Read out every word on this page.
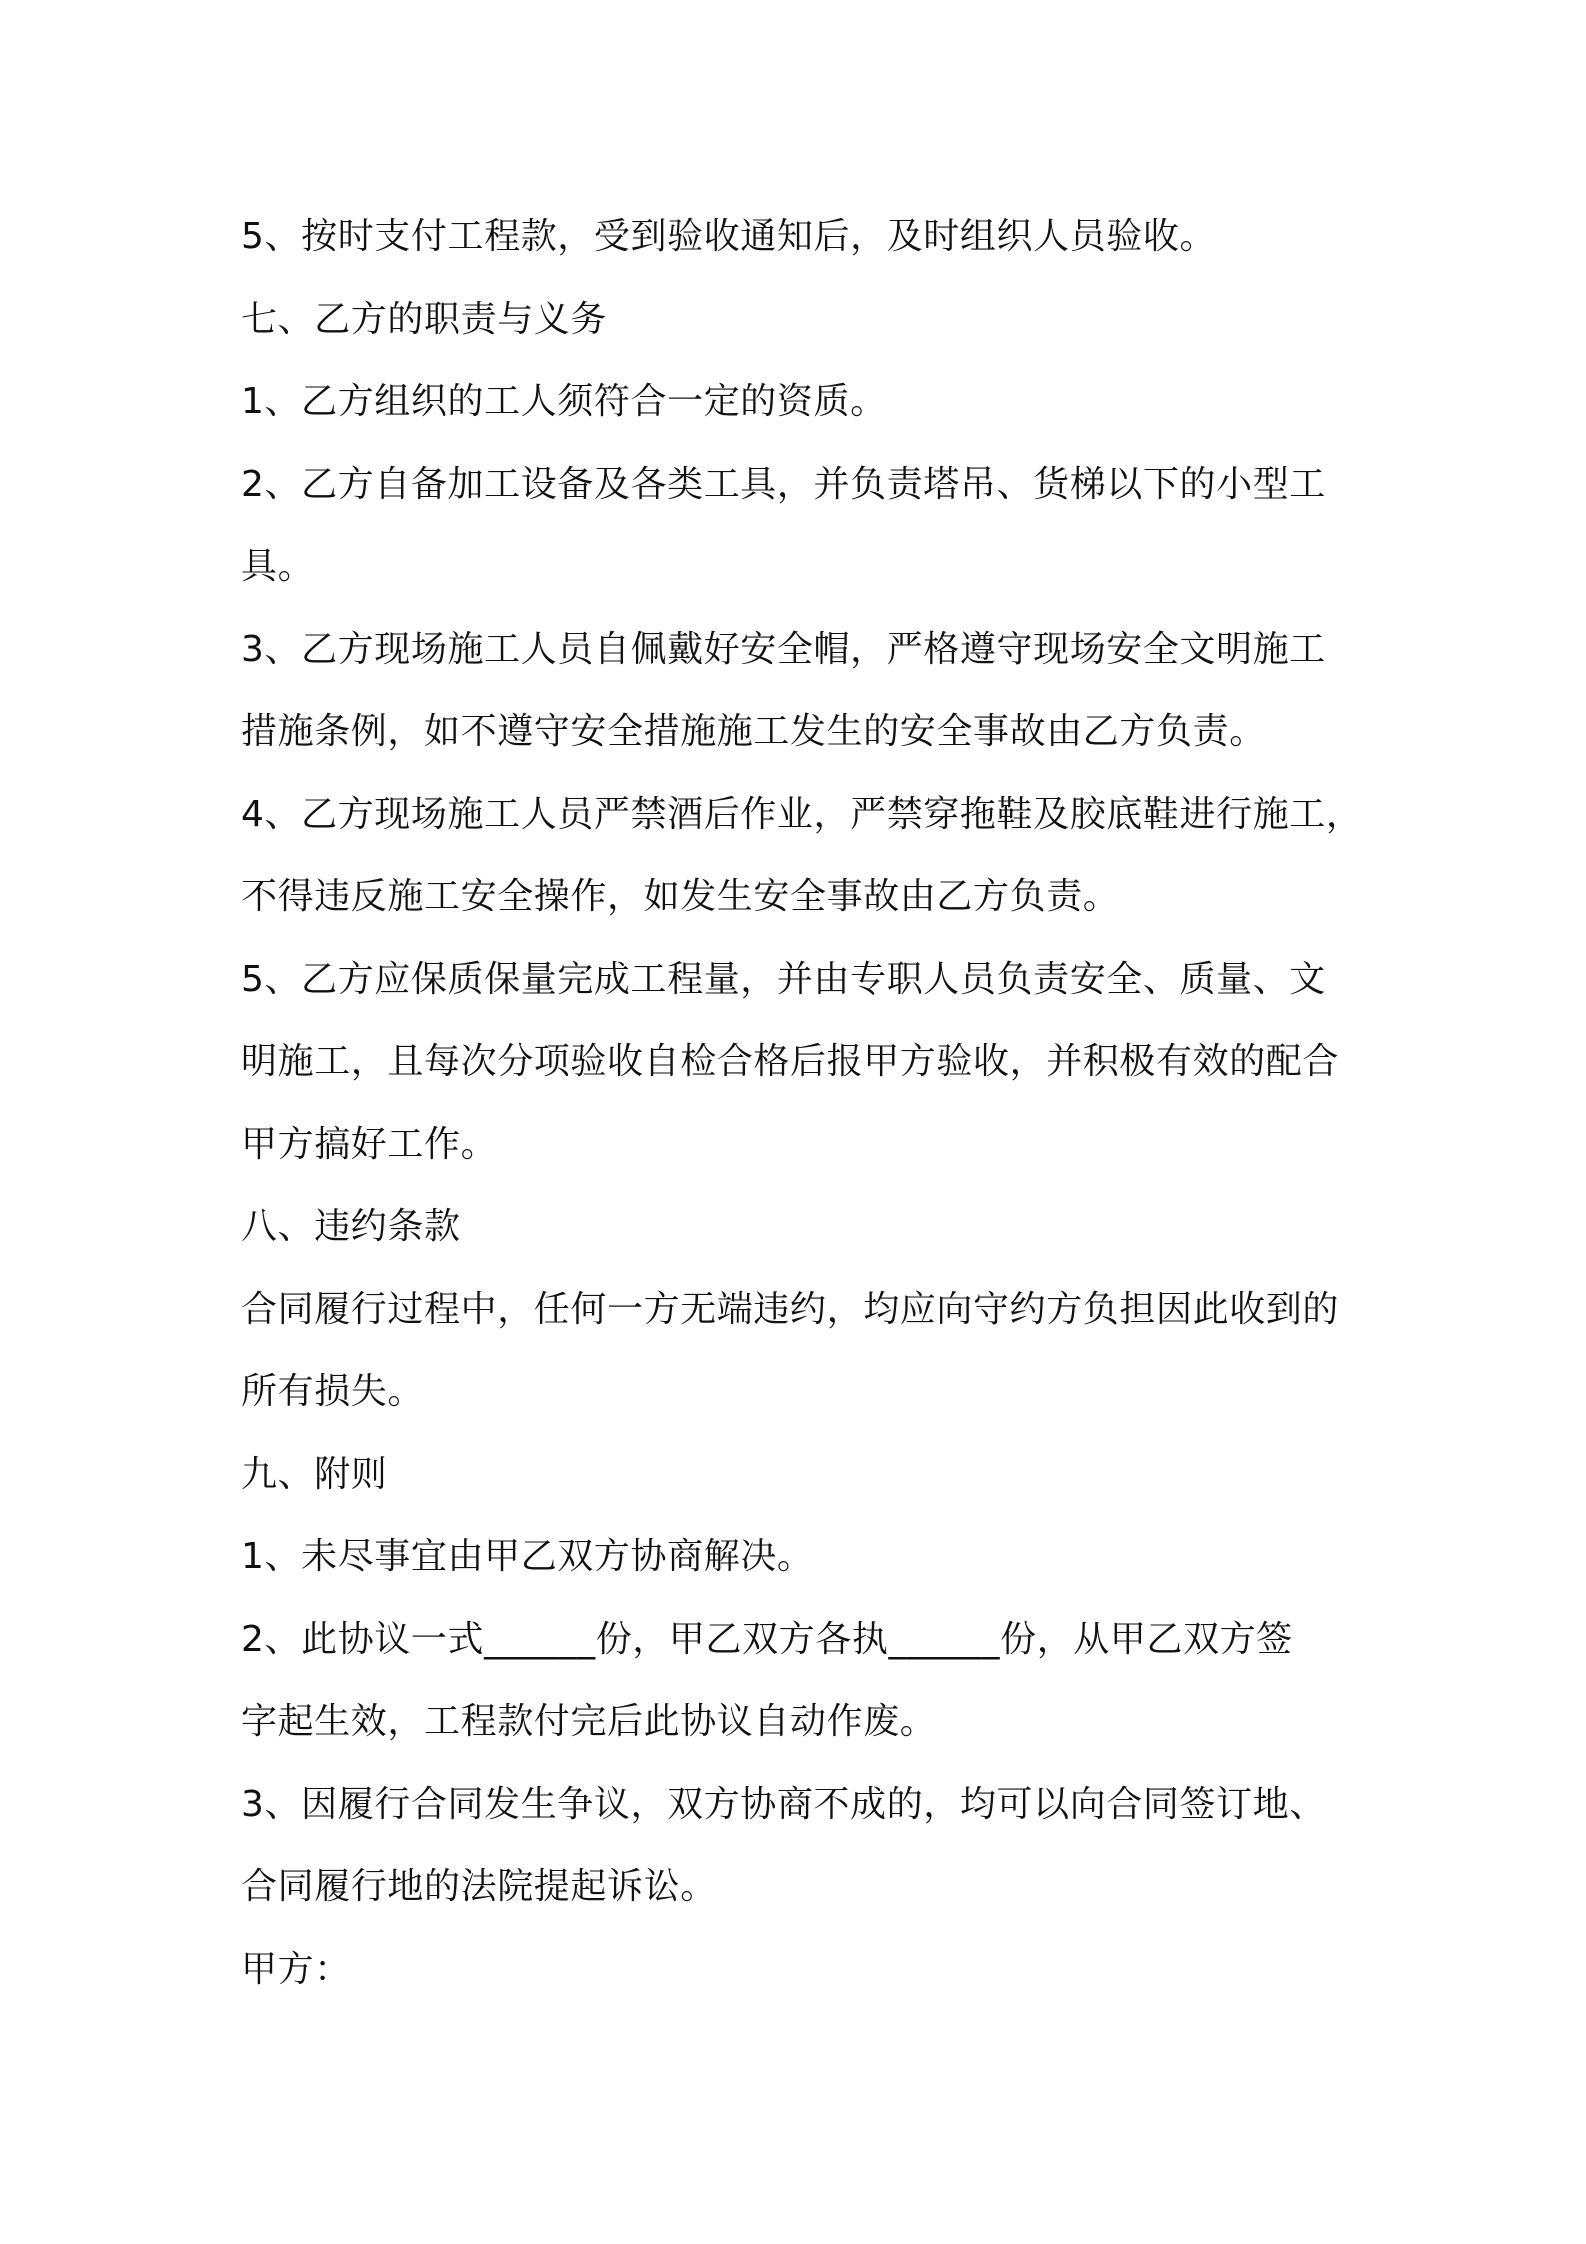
5、按时支付工程款，受到验收通知后，及时组织人员验收。
七、乙方的职责与义务
1、乙方组织的工人须符合一定的资质。
2、乙方自备加工设备及各类工具，并负责塔吊、货梯以下的小型工
具。
3、乙方现场施工人员自佩戴好安全帽，严格遵守现场安全文明施工
措施条例，如不遵守安全措施施工发生的安全事故由乙方负责。
4、乙方现场施工人员严禁酒后作业，严禁穿拖鞋及胶底鞋进行施工，
不得违反施工安全操作，如发生安全事故由乙方负责。
5、乙方应保质保量完成工程量，并由专职人员负责安全、质量、文
明施工，且每次分项验收自检合格后报甲方验收，并积极有效的配合
甲方搞好工作。
八、违约条款
合同履行过程中，任何一方无端违约，均应向守约方负担因此收到的
所有损失。
九、附则
1、未尽事宜由甲乙双方协商解决。
2、此协议一式______份，甲乙双方各执______份，从甲乙双方签
字起生效，工程款付完后此协议自动作废。
3、因履行合同发生争议，双方协商不成的，均可以向合同签订地、
合同履行地的法院提起诉讼。
甲方：
